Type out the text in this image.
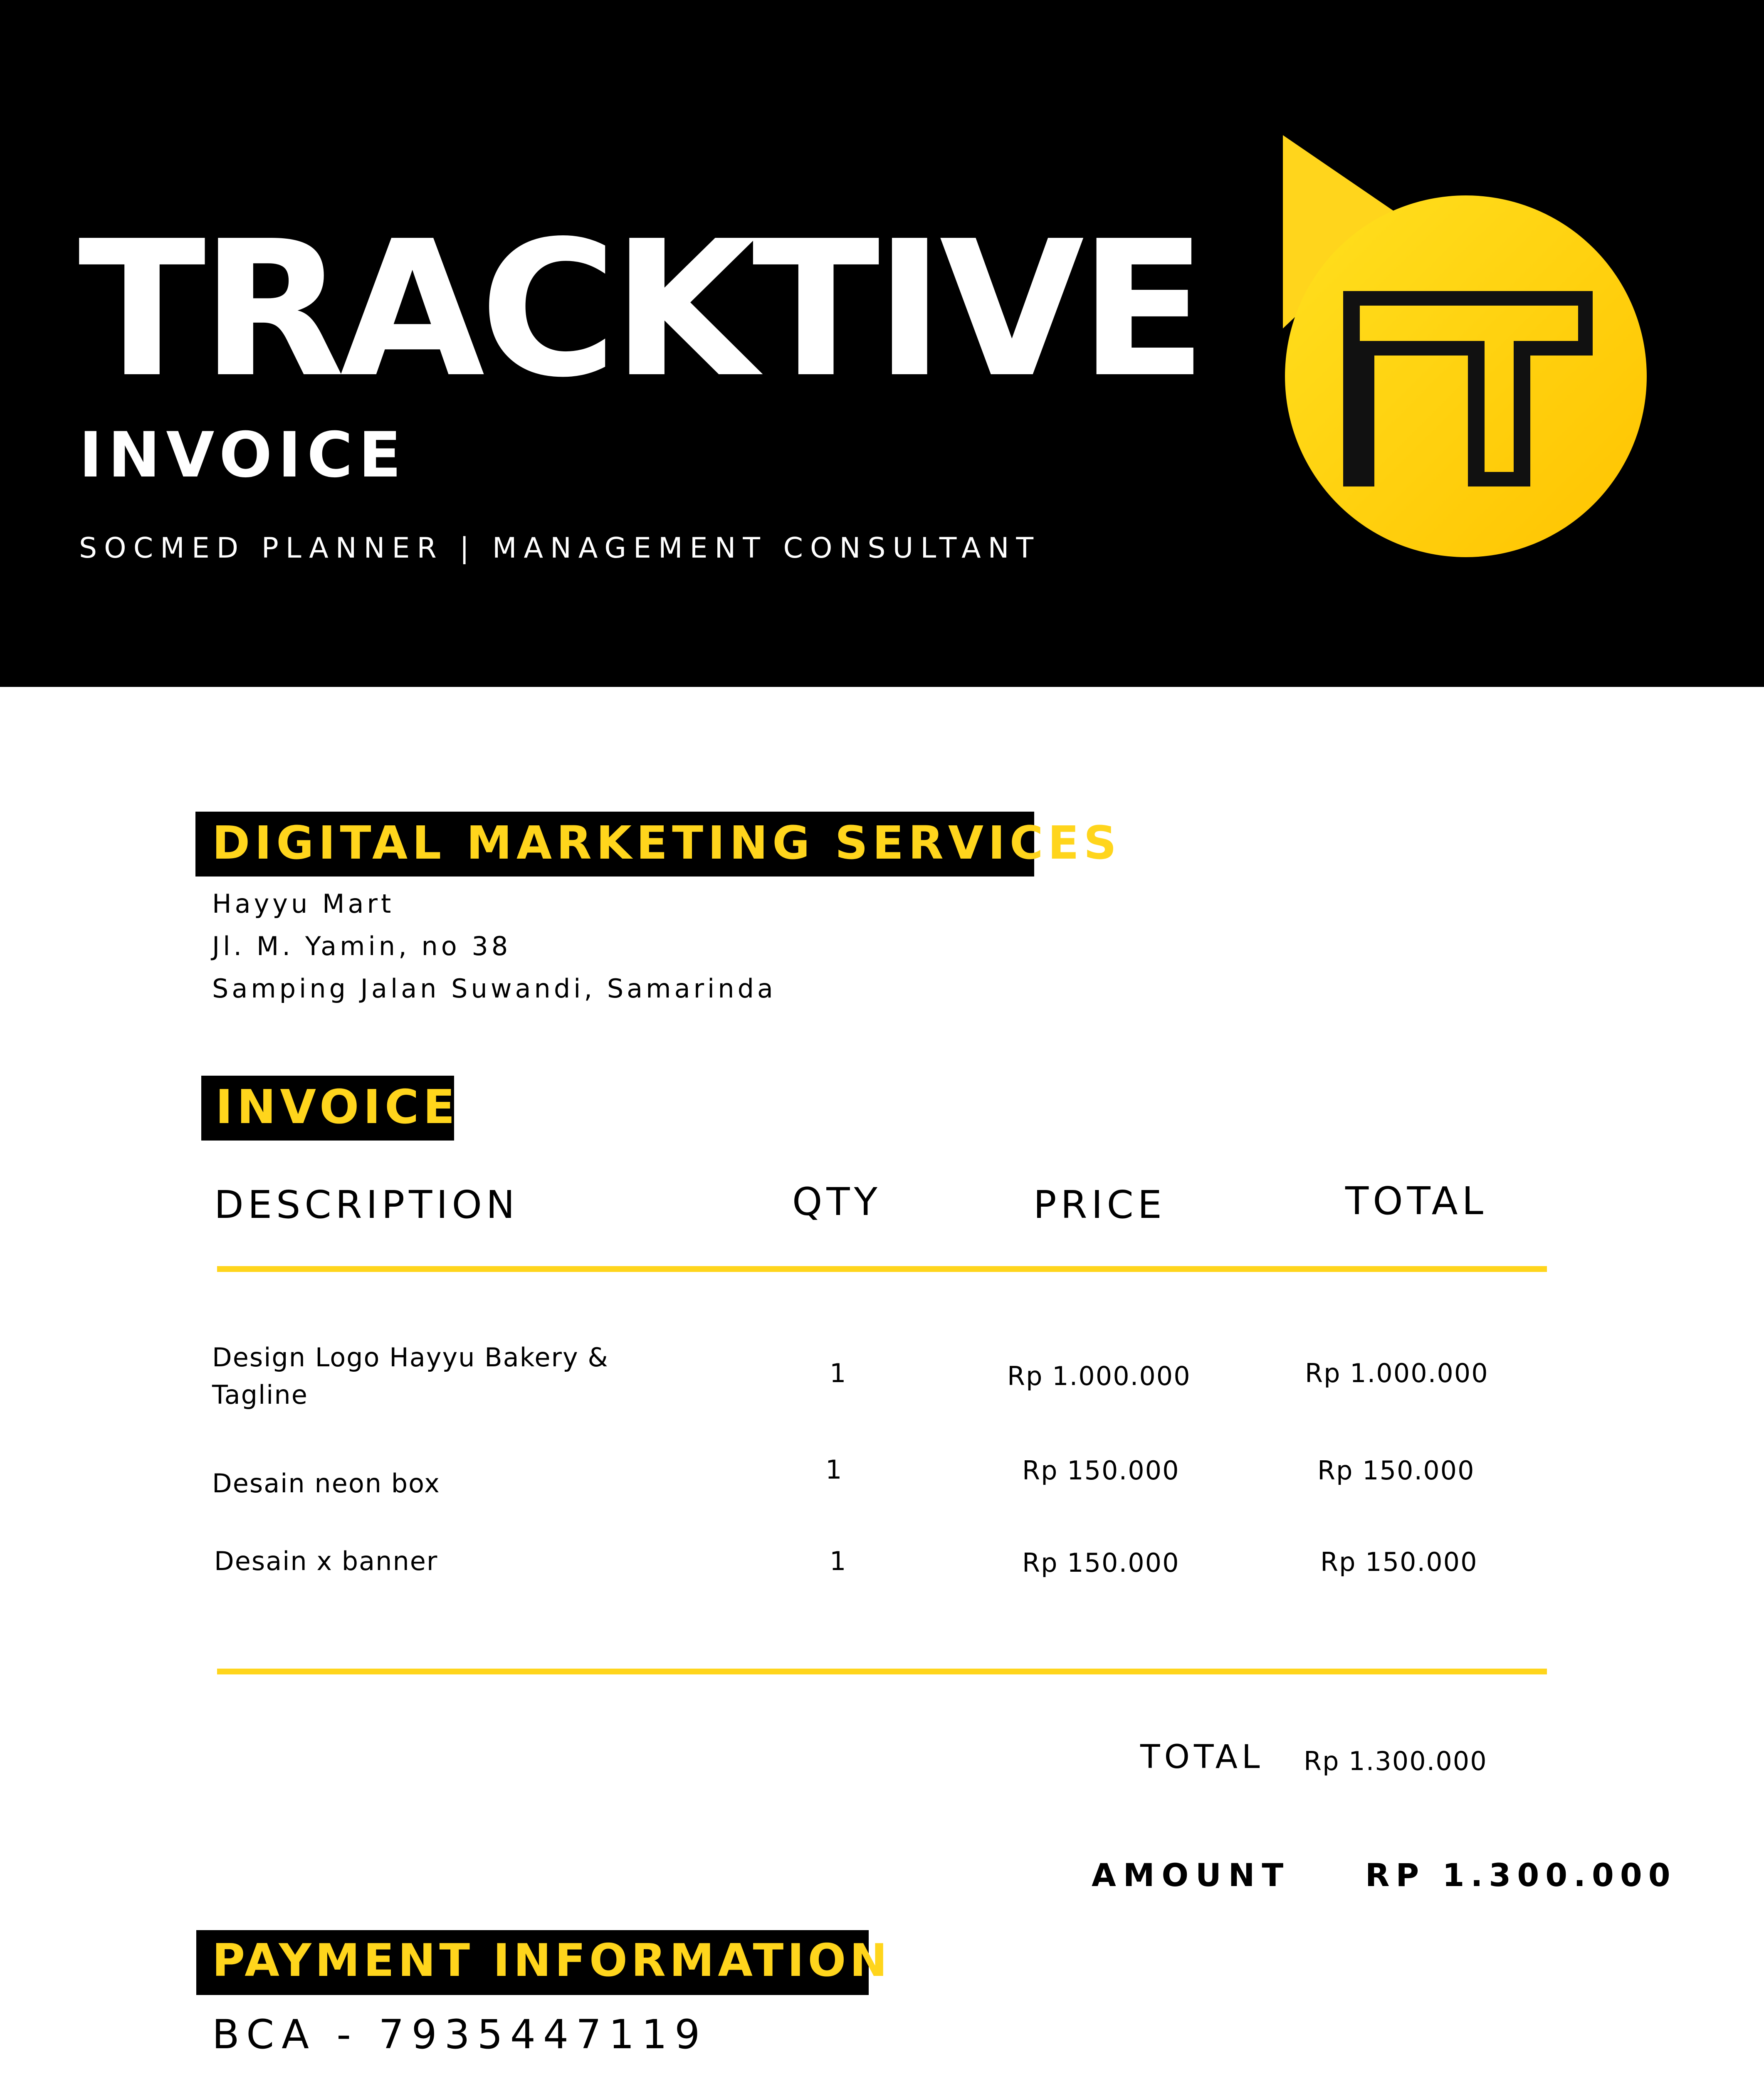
TRACKTIVE
INVOICE
SOCMED PLANNER | MANAGEMENT CONSULTANT
DIGITAL MARKETING SERVICES
Hayyu Mart
Jl. M. Yamin, no 38
Samping Jalan Suwandi, Samarinda
INVOICE
DESCRIPTION	QTY	PRICE	TOTAL
Design Logo Hayyu Bakery &
Tagline
1	Rp 1.000.000	Rp 1.000.000
Desain neon box	1	Rp 150.000	Rp 150.000
Desain x banner	1	Rp 150.000	Rp 150.000
TOTAL Rp 1.300.000
AMOUNT RP 1.300.000
PAYMENT INFORMATION
BCA - 7935447119
